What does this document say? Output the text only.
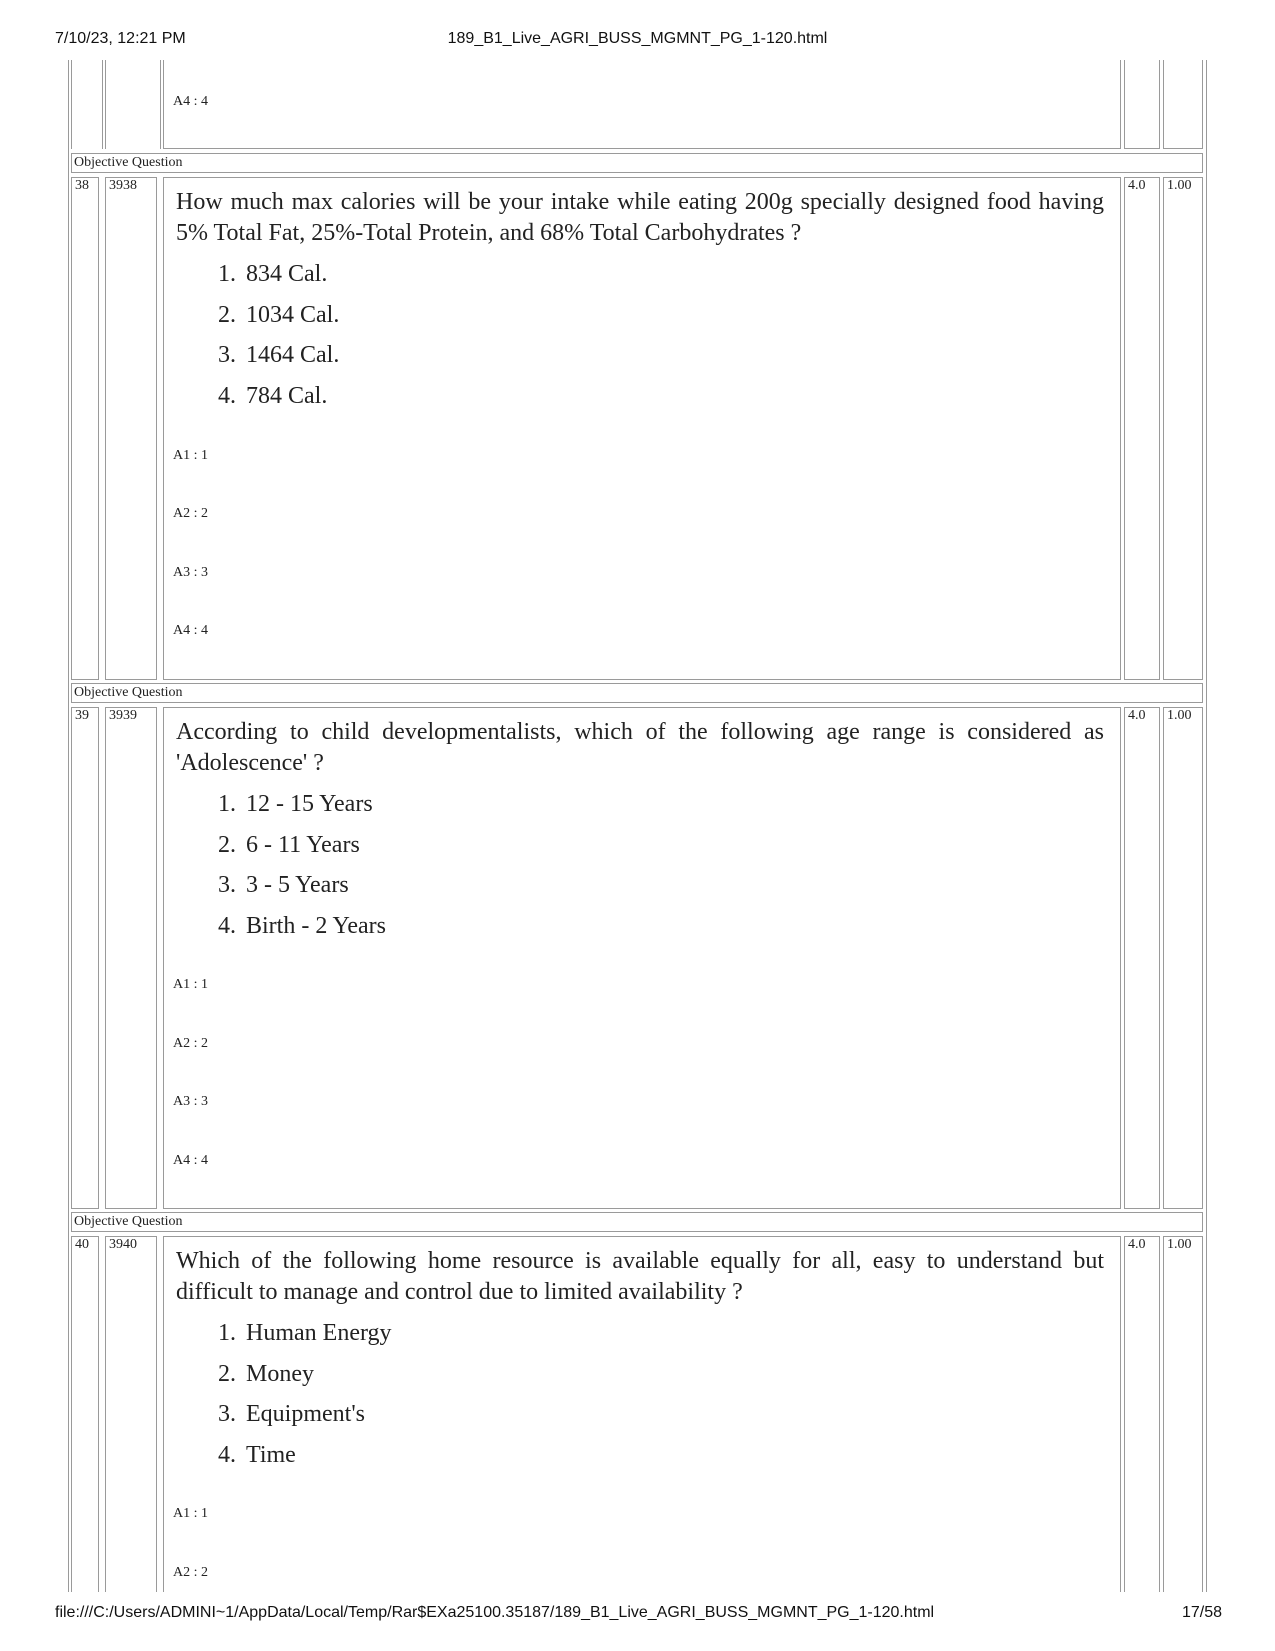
7/10/23, 12:21 PM	189_B1_Live_AGRI_BUSS_MGMNT_PG_1-120.html
A4 : 4
Objective Question
38	3938	4.0	1.00
How much max calories will be your intake while eating 200g specially designed food having 5% Total Fat, 25%-Total Protein, and 68% Total Carbohydrates ?
1. 834 Cal.
2. 1034 Cal.
3. 1464 Cal.
4. 784 Cal.
A1 : 1
A2 : 2
A3 : 3
A4 : 4
Objective Question
39	3939	4.0	1.00
According to child developmentalists, which of the following age range is considered as 'Adolescence' ?
1. 12 - 15 Years
2. 6 - 11 Years
3. 3 - 5 Years
4. Birth - 2 Years
A1 : 1
A2 : 2
A3 : 3
A4 : 4
Objective Question
40	3940	4.0	1.00
Which of the following home resource is available equally for all, easy to understand but difficult to manage and control due to limited availability ?
1. Human Energy
2. Money
3. Equipment's
4. Time
A1 : 1
A2 : 2
file:///C:/Users/ADMINI~1/AppData/Local/Temp/Rar$EXa25100.35187/189_B1_Live_AGRI_BUSS_MGMNT_PG_1-120.html	17/58
